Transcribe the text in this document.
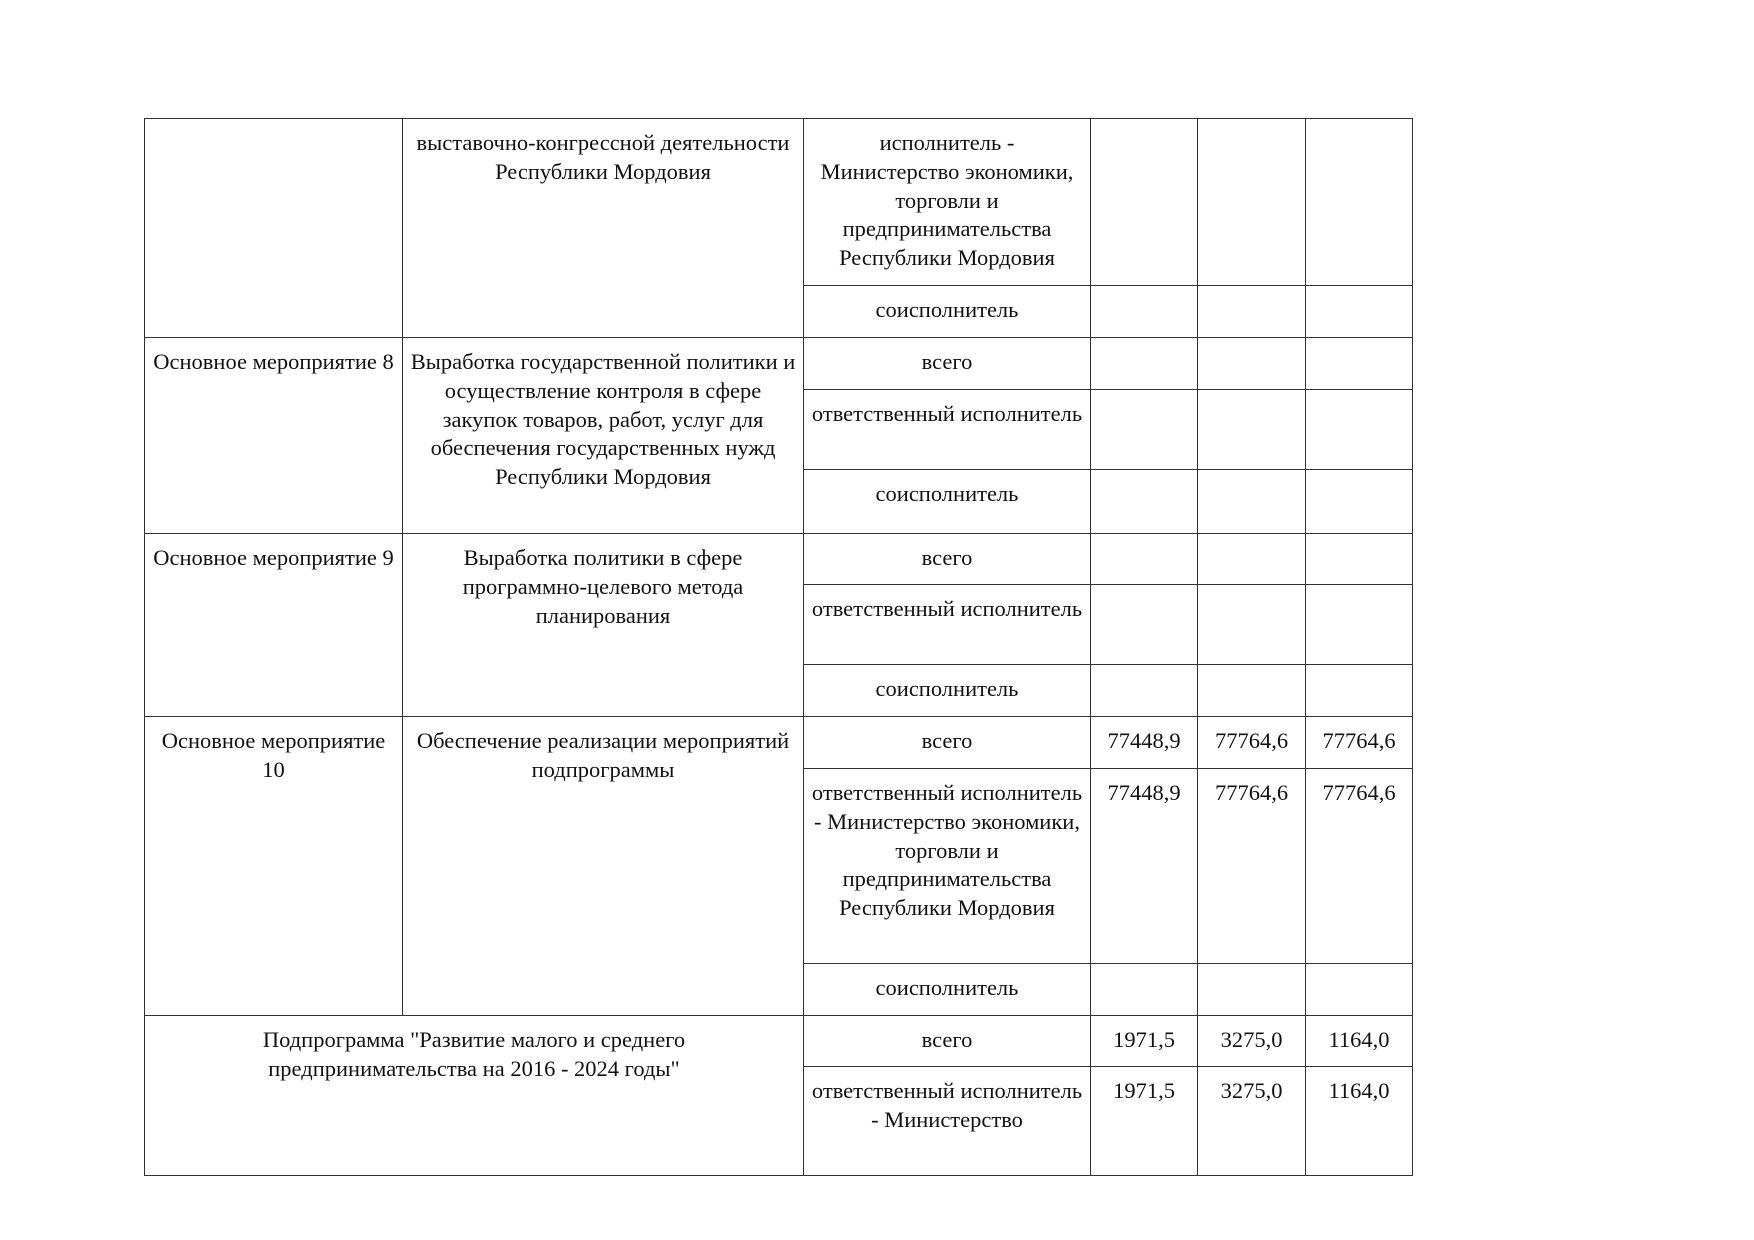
	выставочно-конгрессной деятельности Республики Мордовия	исполнитель - Министерство экономики, торговли и предпринимательства Республики Мордовия			
		соисполнитель			
Основное мероприятие 8	Выработка государственной политики и осуществление контроля в сфере закупок товаров, работ, услуг для обеспечения государственных нужд Республики Мордовия	всего			
		ответственный исполнитель			
		соисполнитель			
Основное мероприятие 9	Выработка политики в сфере программно-целевого метода планирования	всего			
		ответственный исполнитель			
		соисполнитель			
Основное мероприятие 10	Обеспечение реализации мероприятий подпрограммы	всего	77448,9	77764,6	77764,6
		ответственный исполнитель - Министерство экономики, торговли и предпринимательства Республики Мордовия	77448,9	77764,6	77764,6
		соисполнитель			
Подпрограмма "Развитие малого и среднего предпринимательства на 2016 - 2024 годы"		всего	1971,5	3275,0	1164,0
		ответственный исполнитель - Министерство	1971,5	3275,0	1164,0
